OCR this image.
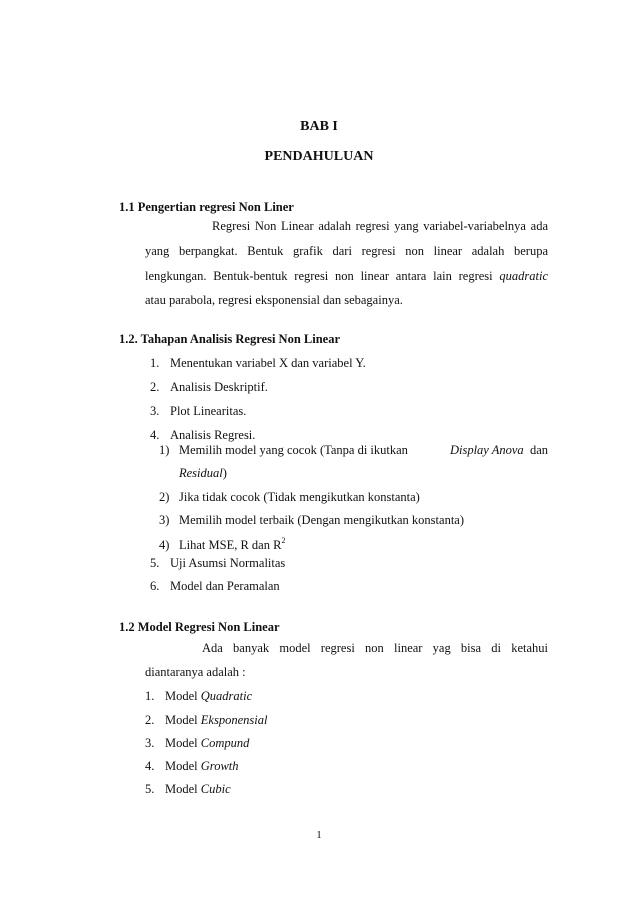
BAB I
PENDAHULUAN
1.1 Pengertian regresi Non Liner
Regresi Non Linear adalah regresi yang variabel-variabelnya ada
yang berpangkat. Bentuk grafik dari regresi non linear adalah berupa
lengkungan. Bentuk-bentuk regresi non linear antara lain regresi quadratic
atau parabola, regresi eksponensial dan sebagainya.
1.2. Tahapan Analisis Regresi Non Linear
1. Menentukan variabel X dan variabel Y.
2. Analisis Deskriptif.
3. Plot Linearitas.
4. Analisis Regresi.
1) Memilih model yang cocok (Tanpa di ikutkan	Display Anova dan
Residual)
2) Jika tidak cocok (Tidak mengikutkan konstanta)
3) Memilih model terbaik (Dengan mengikutkan konstanta)
4) Lihat MSE, R dan $R^2$
5. Uji Asumsi Normalitas
6. Model dan Peramalan
1.2 Model Regresi Non Linear
Ada banyak model regresi non linear yag bisa di ketahui
diantaranya adalah :
1. Model Quadratic
2. Model Eksponensial
3. Model Compund
4. Model Growth
5. Model Cubic
1
